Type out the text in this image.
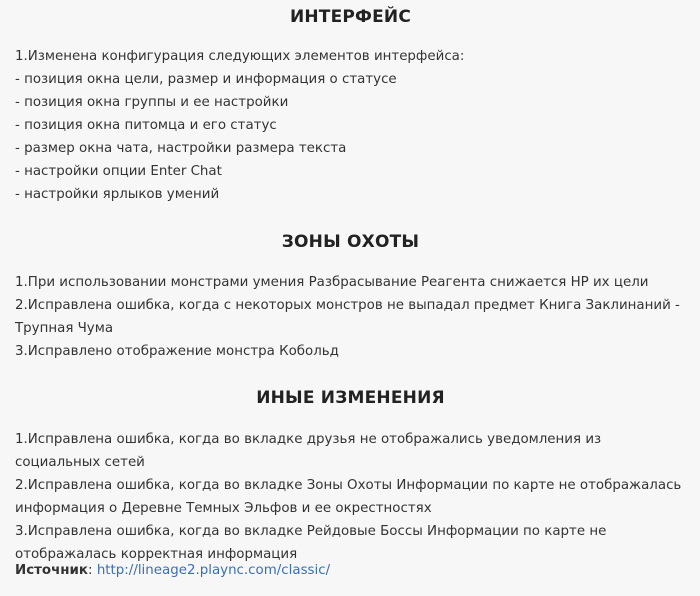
ИНТЕРФЕЙС
1.Изменена конфигурация следующих элементов интерфейса:
- позиция окна цели, размер и информация о статусе
- позиция окна группы и ее настройки
- позиция окна питомца и его статус
- размер окна чата, настройки размера текста
- настройки опции Enter Chat
- настройки ярлыков умений
ЗОНЫ ОХОТЫ
1.При использовании монстрами умения Разбрасывание Реагента снижается HP их цели
2.Исправлена ошибка, когда с некоторых монстров не выпадал предмет Книга Заклинаний - Трупная Чума
3.Исправлено отображение монстра Кобольд
ИНЫЕ ИЗМЕНЕНИЯ
1.Исправлена ошибка, когда во вкладке друзья не отображались уведомления из социальных сетей
2.Исправлена ошибка, когда во вкладке Зоны Охоты Информации по карте не отображалась информация о Деревне Темных Эльфов и ее окрестностях
3.Исправлена ошибка, когда во вкладке Рейдовые Боссы Информации по карте не отображалась корректная информация
Источник: http://lineage2.plaync.com/classic/
